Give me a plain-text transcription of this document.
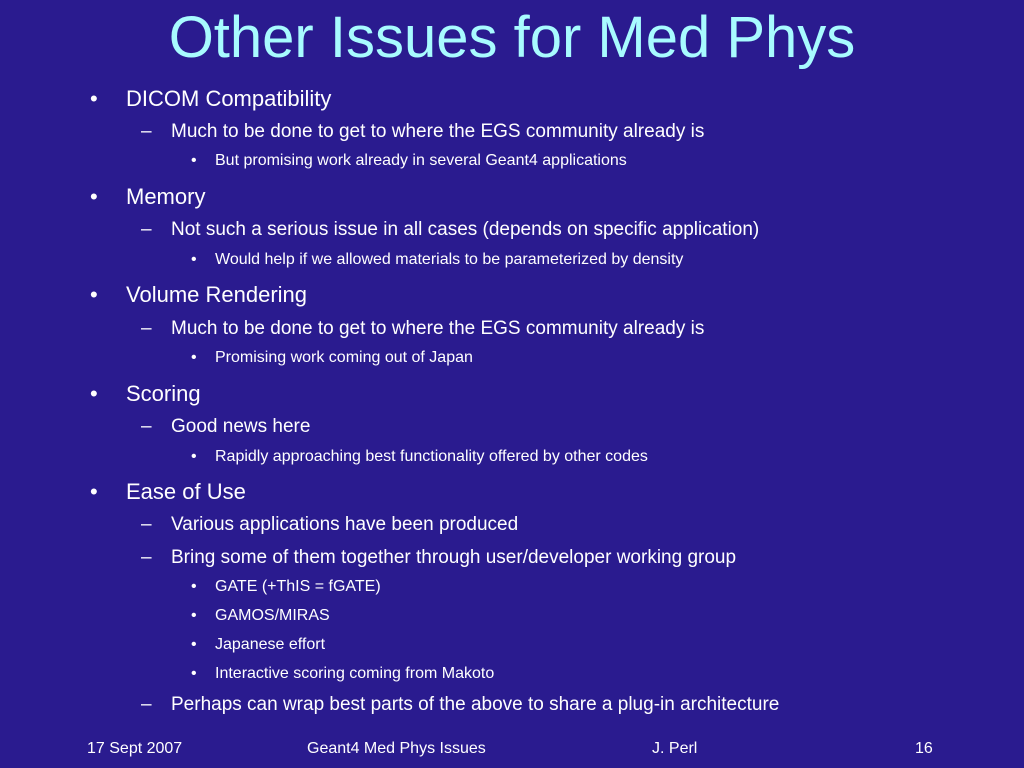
Other Issues for Med Phys
• DICOM Compatibility
– Much to be done to get to where the EGS community already is
• But promising work already in several Geant4 applications
• Memory
– Not such a serious issue in all cases (depends on specific application)
• Would help if we allowed materials to be parameterized by density
• Volume Rendering
– Much to be done to get to where the EGS community already is
• Promising work coming out of Japan
• Scoring
– Good news here
• Rapidly approaching best functionality offered by other codes
• Ease of Use
– Various applications have been produced
– Bring some of them together through user/developer working group
• GATE (+ThIS = fGATE)
• GAMOS/MIRAS
• Japanese effort
• Interactive scoring coming from Makoto
– Perhaps can wrap best parts of the above to share a plug-in architecture
17 Sept 2007	Geant4 Med Phys Issues	J. Perl	16
